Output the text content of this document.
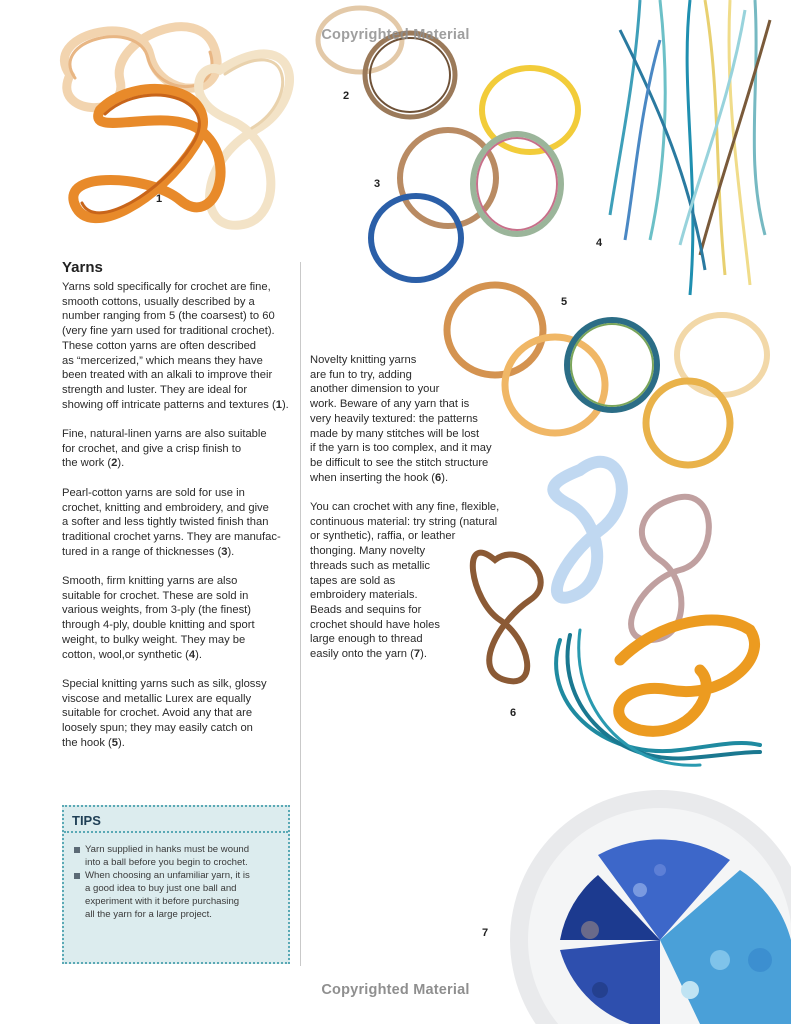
Copyrighted Material
1
2
3
4
5
6
7
Yarns

Yarns sold specifically for crochet are fine,
smooth cottons, usually described by a
number ranging from 5 (the coarsest) to 60
(very fine yarn used for traditional crochet).
These cotton yarns are often described
as “mercerized,” which means they have
been treated with an alkali to improve their
strength and luster. They are ideal for
showing off intricate patterns and textures (1).

Fine, natural-linen yarns are also suitable
for crochet, and give a crisp finish to
the work (2).

Pearl-cotton yarns are sold for use in
crochet, knitting and embroidery, and give
a softer and less tightly twisted finish than
traditional crochet yarns. They are manufac-
tured in a range of thicknesses (3).

Smooth, firm knitting yarns are also
suitable for crochet. These are sold in
various weights, from 3-ply (the finest)
through 4-ply, double knitting and sport
weight, to bulky weight. They may be
cotton, wool,or synthetic (4).

Special knitting yarns such as silk, glossy
viscose and metallic Lurex are equally
suitable for crochet. Avoid any that are
loosely spun; they may easily catch on
the hook (5).

Novelty knitting yarns
are fun to try, adding
another dimension to your
work. Beware of any yarn that is
very heavily textured: the patterns
made by many stitches will be lost
if the yarn is too complex, and it may
be difficult to see the stitch structure
when inserting the hook (6).

You can crochet with any fine, flexible,
continuous material: try string (natural
or synthetic), raffia, or leather
thonging. Many novelty
threads such as metallic
tapes are sold as
embroidery materials.
Beads and sequins for
crochet should have holes
large enough to thread
easily onto the yarn (7).

TIPS
Yarn supplied in hanks must be wound
into a ball before you begin to crochet.
When choosing an unfamiliar yarn, it is
a good idea to buy just one ball and
experiment with it before purchasing
all the yarn for a large project.
Copyrighted Material
